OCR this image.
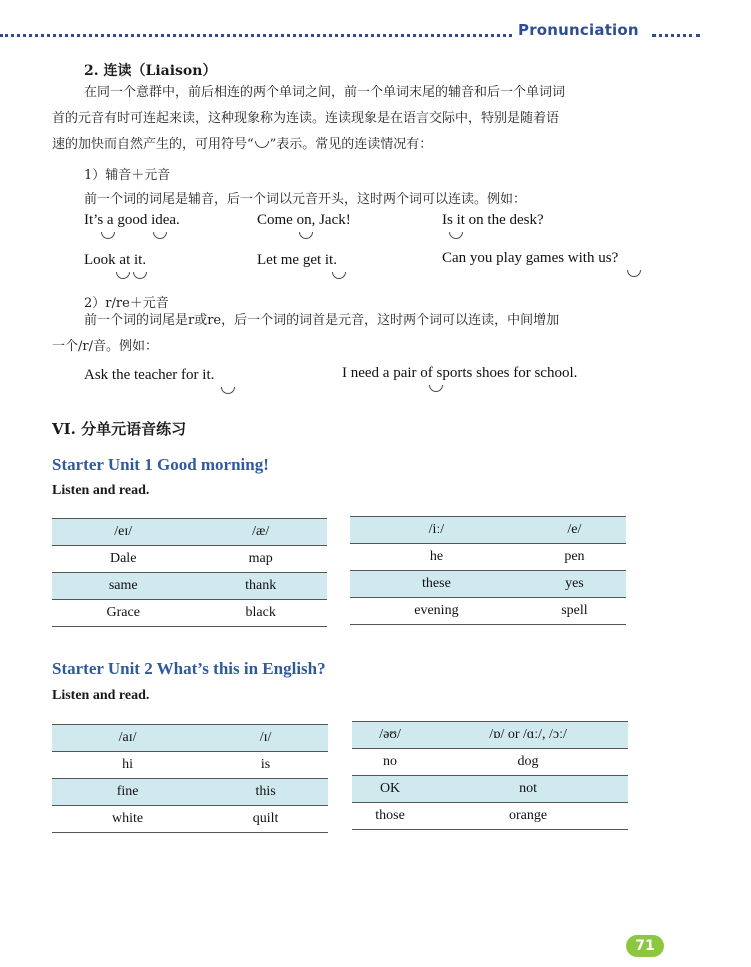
Pronunciation
2. 连读（Liaison）
在同一个意群中，前后相连的两个单词之间，前一个单词末尾的辅音和后一个单词词
首的元音有时可连起来读，这种现象称为连读。连读现象是在语言交际中，特别是随着语
速的加快而自然产生的，可用符号“ ”表示。常见的连读情况有：
1）辅音＋元音
前一个词的词尾是辅音，后一个词以元音开头，这时两个词可以连读。例如：
It’s a good idea.	Come on, Jack!	Is it on the desk?
Look at it.	Let me get it.	Can you play games with us?
2）r/re＋元音
前一个词的词尾是r或re，后一个词的词首是元音，这时两个词可以连读，中间增加
一个/r/音。例如：
Ask the teacher for it.	I need a pair of sports shoes for school.
VI. 分单元语音练习
Starter Unit 1 Good morning!
Listen and read.
/eɪ/	/æ/
Dale	map
same	thank
Grace	black
/iː/	/e/
he	pen
these	yes
evening	spell
Starter Unit 2 What’s this in English?
Listen and read.
/aɪ/	/ɪ/
hi	is
fine	this
white	quilt
/əʊ/	/ɒ/ or /ɑː/, /ɔː/
no	dog
OK	not
those	orange
71
